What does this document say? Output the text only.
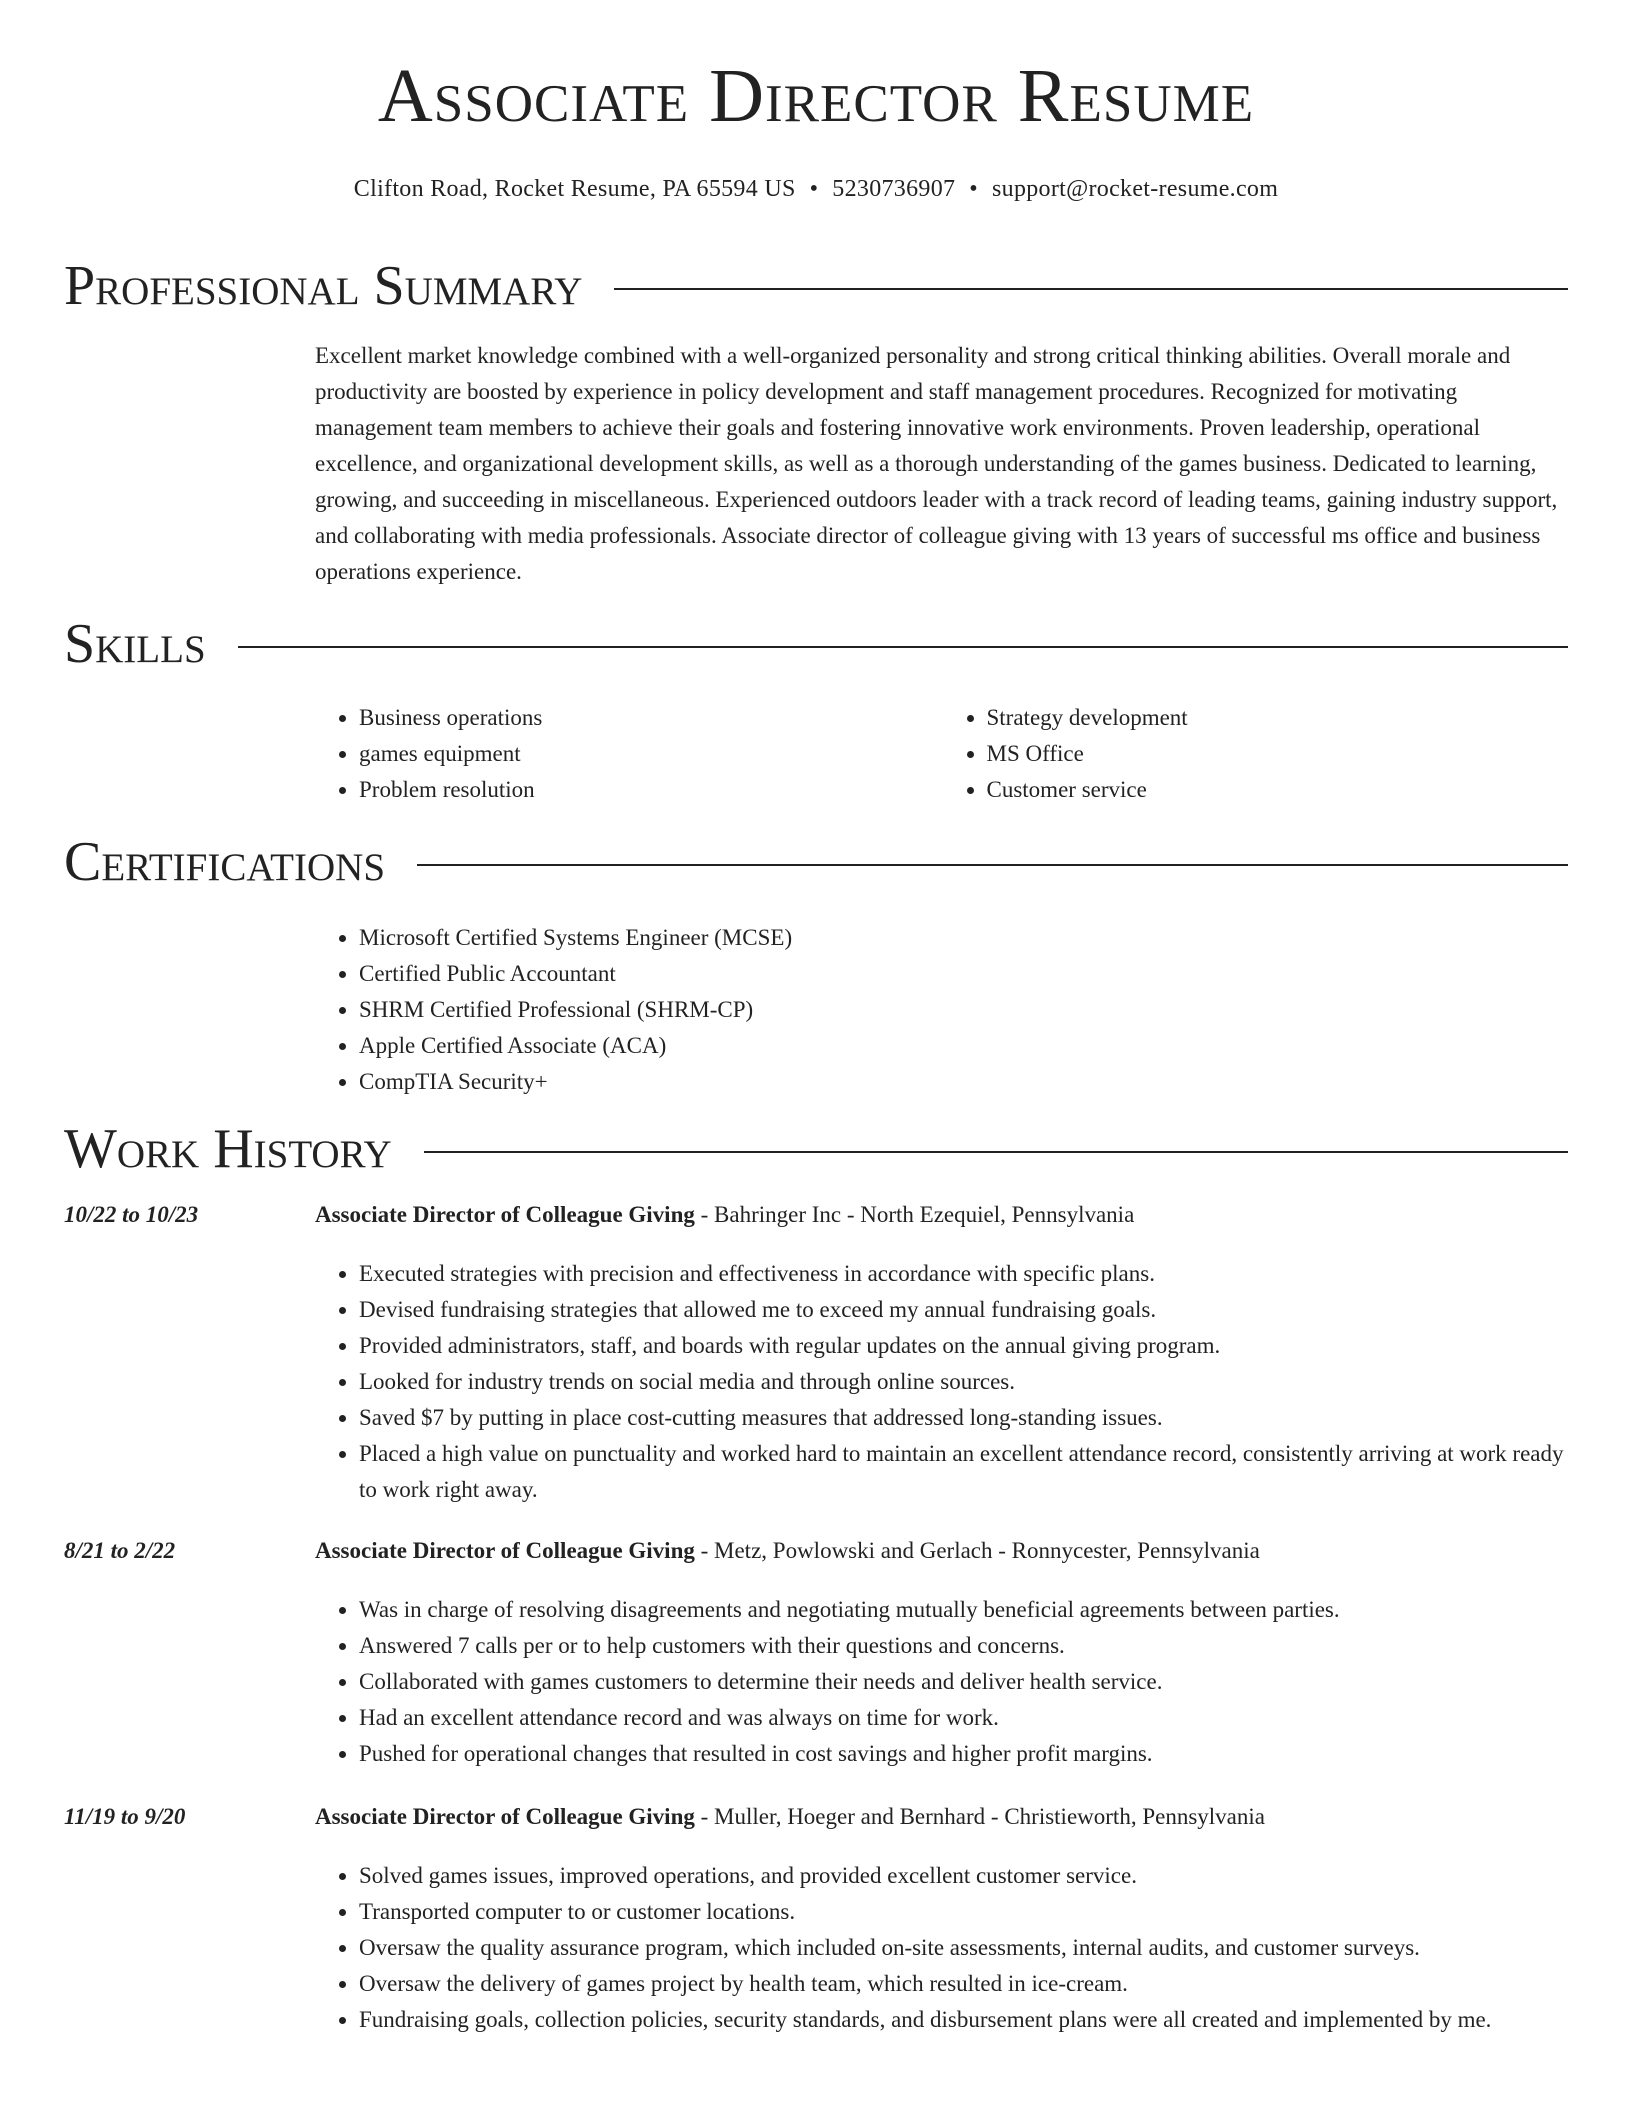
Associate Director Resume
Clifton Road, Rocket Resume, PA 65594 US • 5230736907 • support@rocket-resume.com
Professional Summary

Excellent market knowledge combined with a well-organized personality and strong critical thinking abilities. Overall morale and productivity are boosted by experience in policy development and staff management procedures. Recognized for motivating management team members to achieve their goals and fostering innovative work environments. Proven leadership, operational excellence, and organizational development skills, as well as a thorough understanding of the games business. Dedicated to learning, growing, and succeeding in miscellaneous. Experienced outdoors leader with a track record of leading teams, gaining industry support, and collaborating with media professionals. Associate director of colleague giving with 13 years of successful ms office and business operations experience.

Skills
• Business operations
• games equipment
• Problem resolution
• Strategy development
• MS Office
• Customer service
Certifications
• Microsoft Certified Systems Engineer (MCSE)
• Certified Public Accountant
• SHRM Certified Professional (SHRM-CP)
• Apple Certified Associate (ACA)
• CompTIA Security+
Work History
10/22 to 10/23	Associate Director of Colleague Giving - Bahringer Inc - North Ezequiel, Pennsylvania
• Executed strategies with precision and effectiveness in accordance with specific plans.
• Devised fundraising strategies that allowed me to exceed my annual fundraising goals.
• Provided administrators, staff, and boards with regular updates on the annual giving program.
• Looked for industry trends on social media and through online sources.
• Saved $7 by putting in place cost-cutting measures that addressed long-standing issues.
• Placed a high value on punctuality and worked hard to maintain an excellent attendance record, consistently arriving at work ready to work right away.
8/21 to 2/22	Associate Director of Colleague Giving - Metz, Powlowski and Gerlach - Ronnycester, Pennsylvania
• Was in charge of resolving disagreements and negotiating mutually beneficial agreements between parties.
• Answered 7 calls per or to help customers with their questions and concerns.
• Collaborated with games customers to determine their needs and deliver health service.
• Had an excellent attendance record and was always on time for work.
• Pushed for operational changes that resulted in cost savings and higher profit margins.
11/19 to 9/20	Associate Director of Colleague Giving - Muller, Hoeger and Bernhard - Christieworth, Pennsylvania
• Solved games issues, improved operations, and provided excellent customer service.
• Transported computer to or customer locations.
• Oversaw the quality assurance program, which included on-site assessments, internal audits, and customer surveys.
• Oversaw the delivery of games project by health team, which resulted in ice-cream.
• Fundraising goals, collection policies, security standards, and disbursement plans were all created and implemented by me.
